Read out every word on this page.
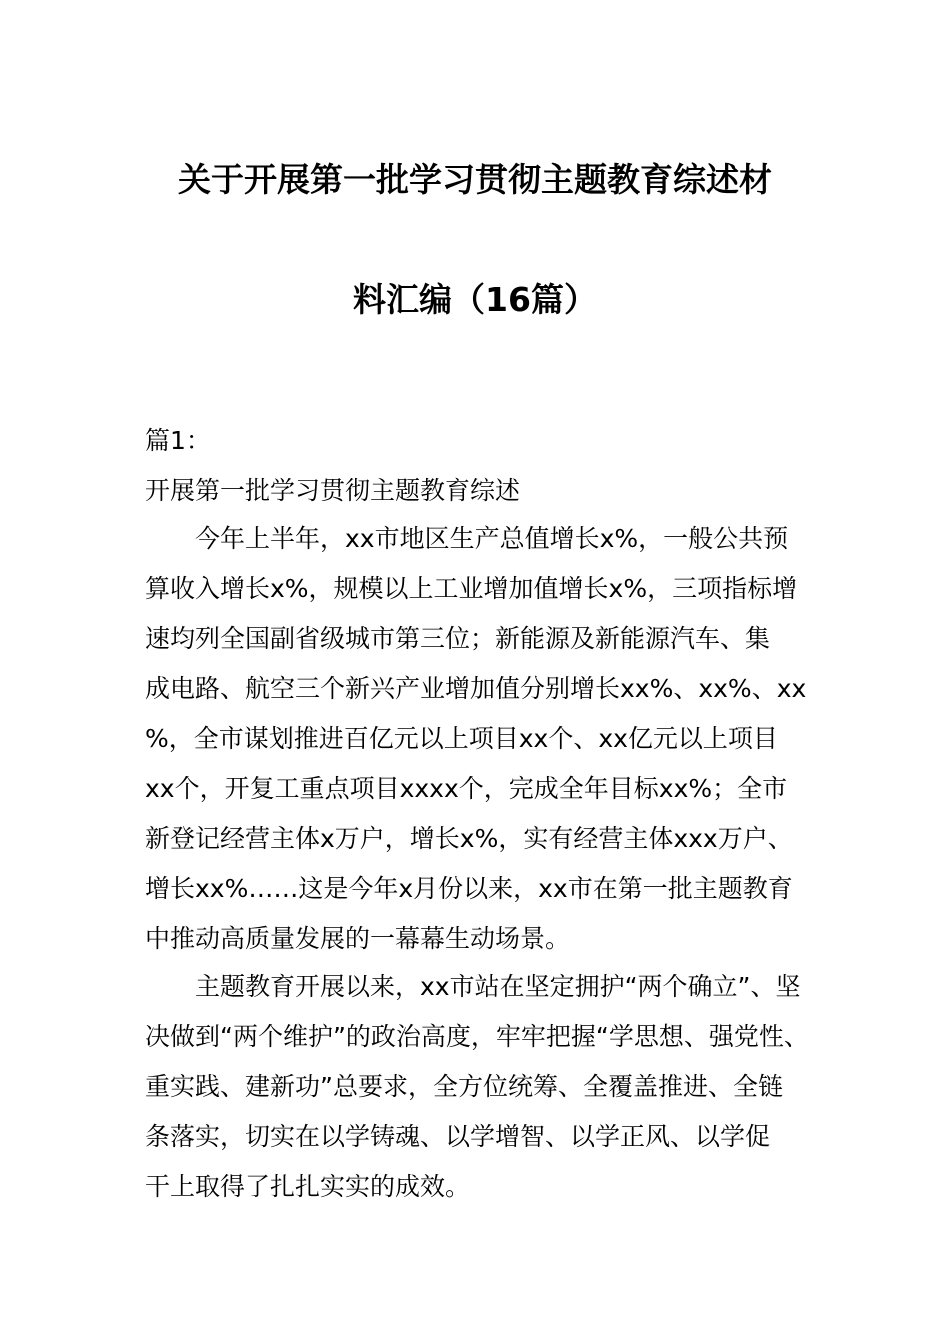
关于开展第一批学习贯彻主题教育综述材
料汇编（16篇）
篇1：
开展第一批学习贯彻主题教育综述
今年上半年，xx市地区生产总值增长x%，一般公共预
算收入增长x%，规模以上工业增加值增长x%，三项指标增
速均列全国副省级城市第三位；新能源及新能源汽车、集
成电路、航空三个新兴产业增加值分别增长xx%、xx%、xx
%，全市谋划推进百亿元以上项目xx个、xx亿元以上项目
xx个，开复工重点项目xxxx个，完成全年目标xx%；全市
新登记经营主体x万户，增长x%，实有经营主体xxx万户、
增长xx%……这是今年x月份以来，xx市在第一批主题教育
中推动高质量发展的一幕幕生动场景。
主题教育开展以来，xx市站在坚定拥护“两个确立”、坚
决做到“两个维护”的政治高度，牢牢把握“学思想、强党性、
重实践、建新功”总要求，全方位统筹、全覆盖推进、全链
条落实，切实在以学铸魂、以学增智、以学正风、以学促
干上取得了扎扎实实的成效。
